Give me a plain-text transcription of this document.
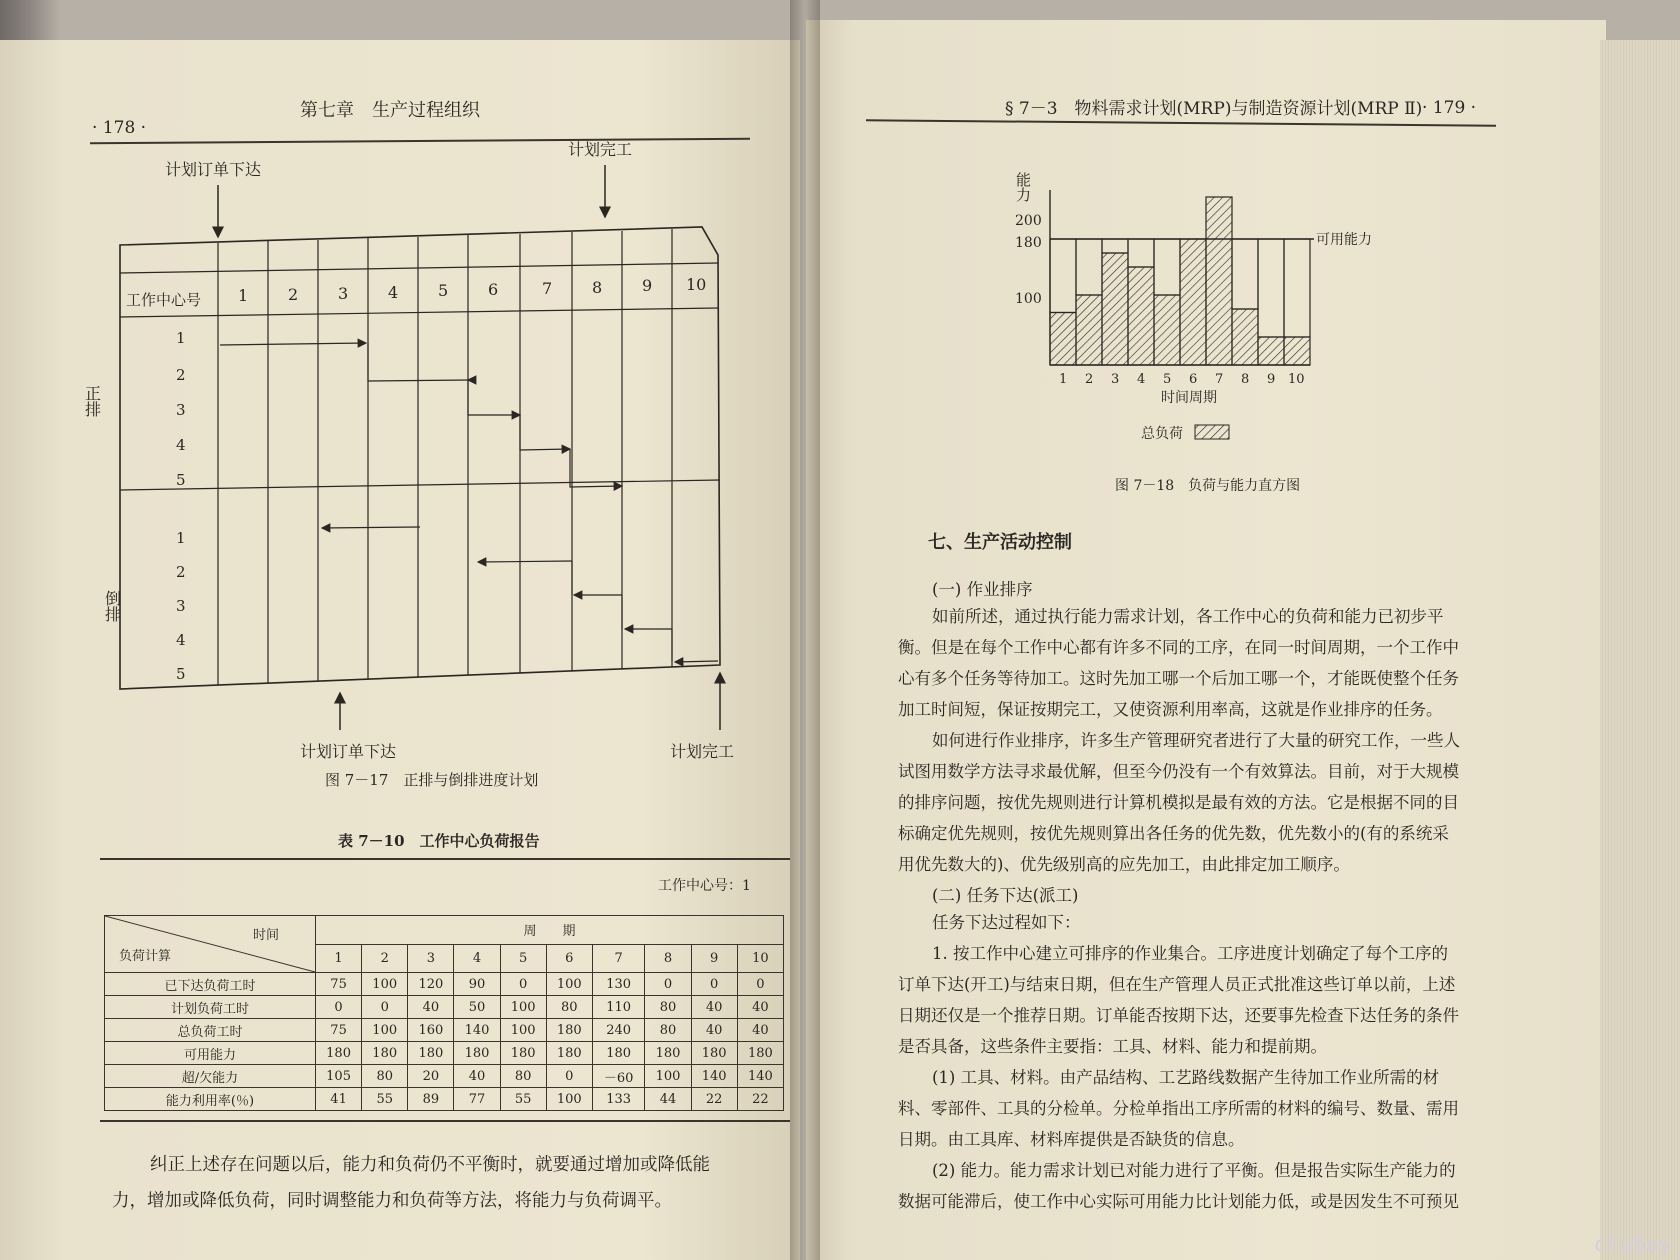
· 178 ·
第七章　生产过程组织
计划订单下达
计划完工
工作中心号 1 2 3 4 5 6	7 8 9 10
正排
倒排
1
2
3
4
5
1
2
3
4
5
计划订单下达	计划完工
图 7－17　正排与倒排进度计划
表 7－10　工作中心负荷报告
工作中心号：1
时间
负荷计算	周　　期									
	1	2	3	4	5	6	7	8	9	10
已下达负荷工时	75	100	120	90	0	100	130	0	0	0
计划负荷工时	0	0	40	50	100	80	110	80	40	40
总负荷工时	75	100	160	140	100	180	240	80	40	40
可用能力	180	180	180	180	180	180	180	180	180	180
超/欠能力	105	80	20	40	80	0	－60	100	140	140
能力利用率(％)	41	55	89	77	55	100	133	44	22	22
纠正上述存在问题以后，能力和负荷仍不平衡时，就要通过增加或降低能
力，增加或降低负荷，同时调整能力和负荷等方法，将能力与负荷调平。
§ 7－3　物料需求计划(MRP)与制造资源计划(MRP Ⅱ) · 179 ·
能力
100
180
200
可用能力
1 2 3 4 5 6 7 8 9 10
时间周期
总负荷
图 7－18　负荷与能力直方图
七、生产活动控制
(一) 作业排序
如前所述，通过执行能力需求计划，各工作中心的负荷和能力已初步平
衡。但是在每个工作中心都有许多不同的工序，在同一时间周期，一个工作中
心有多个任务等待加工。这时先加工哪一个后加工哪一个，才能既使整个任务
加工时间短，保证按期完工，又使资源利用率高，这就是作业排序的任务。
如何进行作业排序，许多生产管理研究者进行了大量的研究工作，一些人
试图用数学方法寻求最优解，但至今仍没有一个有效算法。目前，对于大规模
的排序问题，按优先规则进行计算机模拟是最有效的方法。它是根据不同的目
标确定优先规则，按优先规则算出各任务的优先数，优先数小的(有的系统采
用优先数大的)、优先级别高的应先加工，由此排定加工顺序。
(二) 任务下达(派工)
任务下达过程如下：
1. 按工作中心建立可排序的作业集合。工序进度计划确定了每个工序的
订单下达(开工)与结束日期，但在生产管理人员正式批准这些订单以前，上述
日期还仅是一个推荐日期。订单能否按期下达，还要事先检查下达任务的条件
是否具备，这些条件主要指：工具、材料、能力和提前期。
(1) 工具、材料。由产品结构、工艺路线数据产生待加工作业所需的材
料、零部件、工具的分检单。分检单指出工序所需的材料的编号、数量、需用
日期。由工具库、材料库提供是否缺货的信息。
(2) 能力。能力需求计划已对能力进行了平衡。但是报告实际生产能力的
数据可能滞后，使工作中心实际可用能力比计划能力低，或是因发生不可预见
cruboy
